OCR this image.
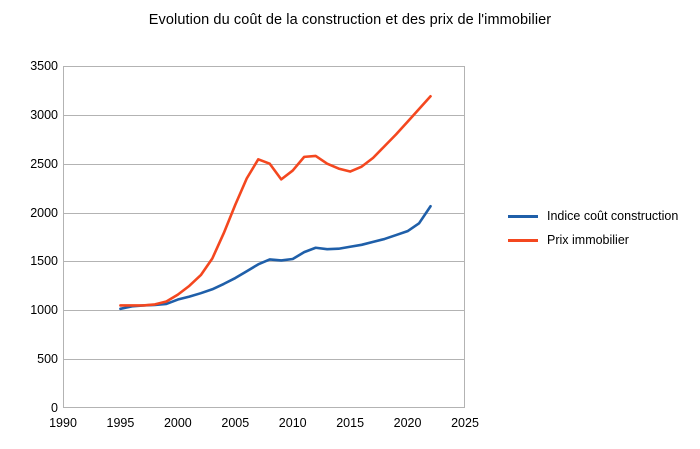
Evolution du coût de la construction et des prix de l'immobilier
0
500
1000
1500
2000
2500
3000
3500
1990 1995 2000 2005 2010 2015 2020 2025
Indice coût construction
Prix immobilier
